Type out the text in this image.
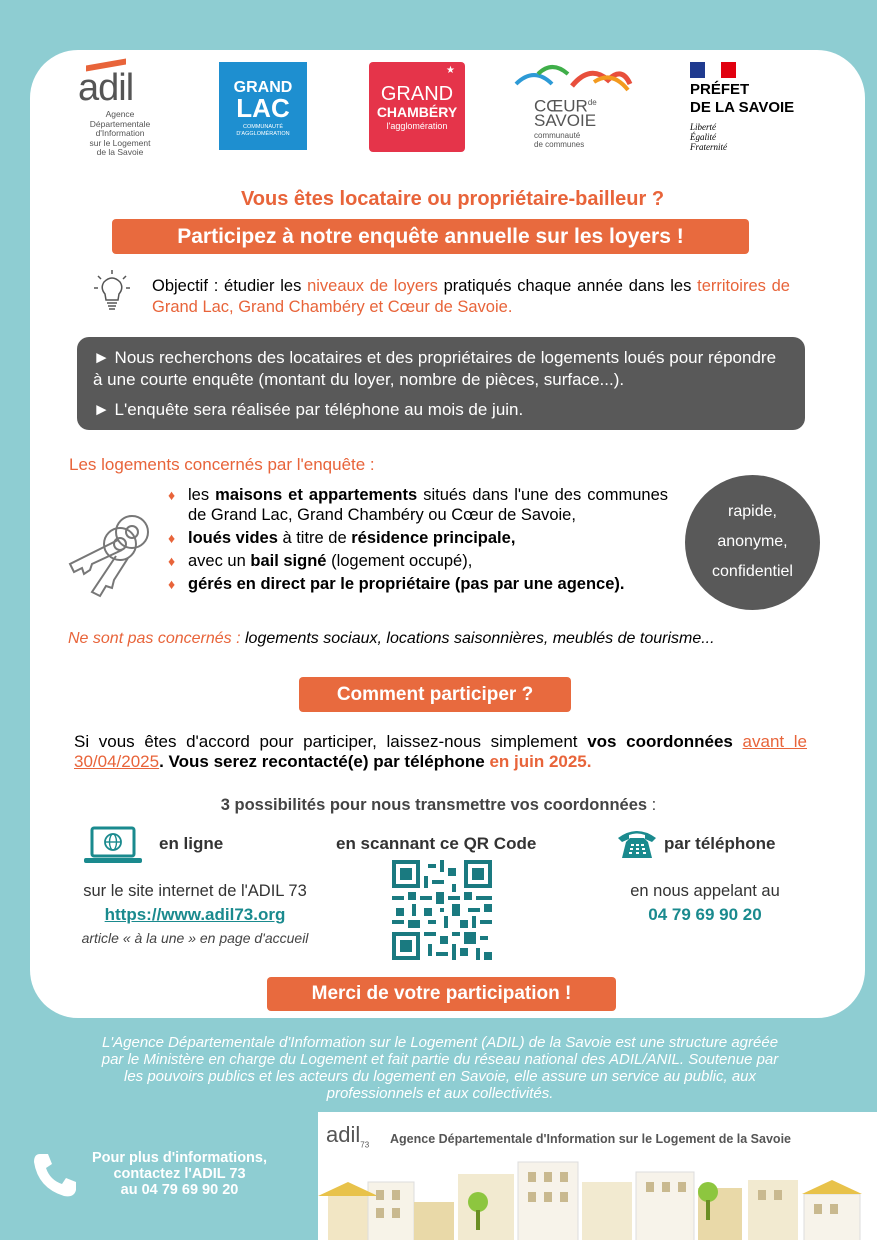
adil
Agence Départementale
d'Information
sur le Logement
de la Savoie
GRAND
LAC
COMMUNAUTÉ
D'AGGLOMÉRATION
★
GRAND
CHAMBÉRY
l'agglomération
$CŒUR^{de}$
SAVOIE
communauté
de communes
PRÉFET
DE LA SAVOIE
Liberté
Égalité
Fraternité
Vous êtes locataire ou propriétaire-bailleur ?
Participez à notre enquête annuelle sur les loyers !
Objectif : étudier les niveaux de loyers pratiqués chaque année dans les territoires de Grand Lac, Grand Chambéry et Cœur de Savoie.
► Nous recherchons des locataires et des propriétaires de logements loués pour répondre à une courte enquête (montant du loyer, nombre de pièces, surface...).
► L'enquête sera réalisée par téléphone au mois de juin.
Les logements concernés par l'enquête :
♦ les maisons et appartements situés dans l'une des communes de Grand Lac, Grand Chambéry ou Cœur de Savoie,
♦ loués vides à titre de résidence principale,
♦ avec un bail signé (logement occupé),
♦ gérés en direct par le propriétaire (pas par une agence).
rapide,
anonyme,
confidentiel
Ne sont pas concernés : logements sociaux, locations saisonnières, meublés de tourisme...
Comment participer ?
Si vous êtes d'accord pour participer, laissez-nous simplement vos coordonnées avant le 30/04/2025. Vous serez recontacté(e) par téléphone en juin 2025.
3 possibilités pour nous transmettre vos coordonnées :
en ligne
sur le site internet de l'ADIL 73
https://www.adil73.org
article « à la une » en page d'accueil
en scannant ce QR Code	par téléphone
en nous appelant au
04 79 69 90 20
Merci de votre participation !
L'Agence Départementale d'Information sur le Logement (ADIL) de la Savoie est une structure agréée par le Ministère en charge du Logement et fait partie du réseau national des ADIL/ANIL. Soutenue par les pouvoirs publics et les acteurs du logement en Savoie, elle assure un service au public, aux professionnels et aux collectivités.
Pour plus d'informations,
contactez l'ADIL 73
au 04 79 69 90 20
adil$_{73}$ Agence Départementale d'Information sur le Logement de la Savoie
